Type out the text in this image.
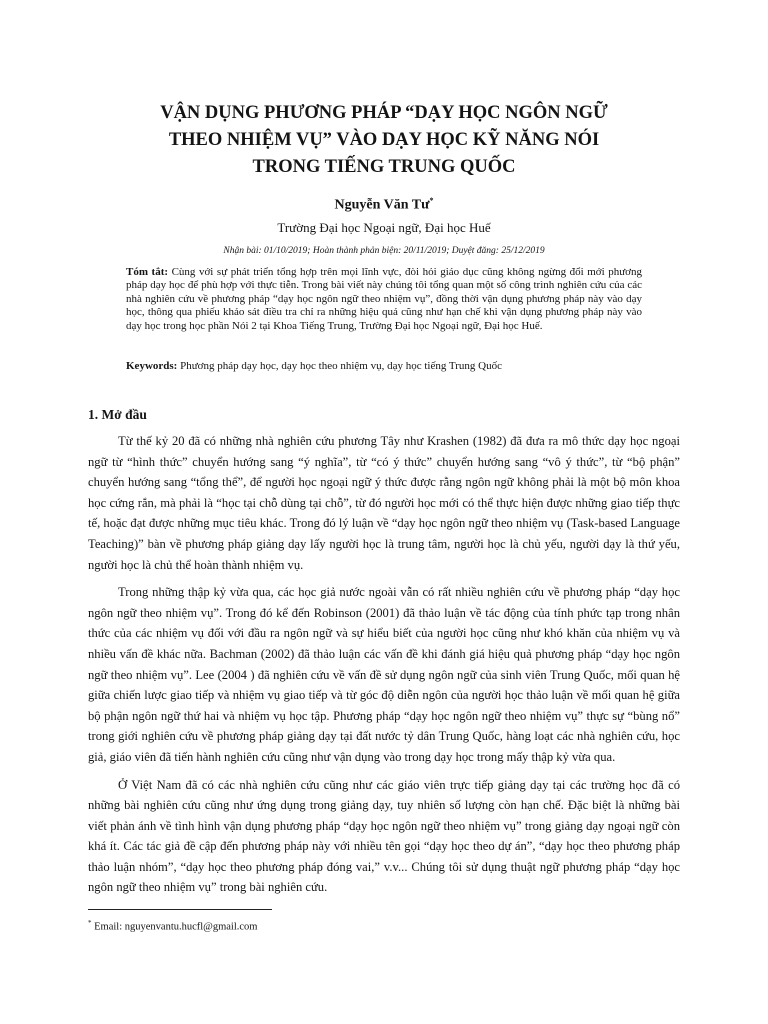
VẬN DỤNG PHƯƠNG PHÁP “DẠY HỌC NGÔN NGỮ
THEO NHIỆM VỤ” VÀO DẠY HỌC KỸ NĂNG NÓI
TRONG TIẾNG TRUNG QUỐC
Nguyễn Văn Tư*
Trường Đại học Ngoại ngữ, Đại học Huế
Nhận bài: 01/10/2019; Hoàn thành phản biện: 20/11/2019; Duyệt đăng: 25/12/2019
Tóm tắt: Cùng với sự phát triển tổng hợp trên mọi lĩnh vực, đòi hỏi giáo dục cũng không ngừng đổi mới phương pháp dạy học để phù hợp với thực tiễn. Trong bài viết này chúng tôi tổng quan một số công trình nghiên cứu của các nhà nghiên cứu về phương pháp “dạy học ngôn ngữ theo nhiệm vụ”, đồng thời vận dụng phương pháp này vào dạy học, thông qua phiếu khảo sát điều tra chỉ ra những hiệu quả cũng như hạn chế khi vận dụng phương pháp này vào dạy học trong học phần Nói 2 tại Khoa Tiếng Trung, Trường Đại học Ngoại ngữ, Đại học Huế.
Keywords: Phương pháp dạy học, dạy học theo nhiệm vụ, dạy học tiếng Trung Quốc
1. Mở đầu

Từ thế kỷ 20 đã có những nhà nghiên cứu phương Tây như Krashen (1982) đã đưa ra mô thức dạy học ngoại ngữ từ “hình thức” chuyển hướng sang “ý nghĩa”, từ “có ý thức” chuyển hướng sang “vô ý thức”, từ “bộ phận” chuyển hướng sang “tổng thể”, để người học ngoại ngữ ý thức được rằng ngôn ngữ không phải là một bộ môn khoa học cứng rắn, mà phải là “học tại chỗ dùng tại chỗ”, từ đó người học mới có thể thực hiện được những giao tiếp thực tế, hoặc đạt được những mục tiêu khác. Trong đó lý luận về “dạy học ngôn ngữ theo nhiệm vụ (Task-based Language Teaching)” bàn về phương pháp giảng dạy lấy người học là trung tâm, người học là chủ yếu, người dạy là thứ yếu, người học là chủ thể hoàn thành nhiệm vụ.

Trong những thập kỷ vừa qua, các học giả nước ngoài vẫn có rất nhiều nghiên cứu về phương pháp “dạy học ngôn ngữ theo nhiệm vụ”. Trong đó kể đến Robinson (2001) đã thảo luận về tác động của tính phức tạp trong nhân thức của các nhiệm vụ đối với đầu ra ngôn ngữ và sự hiểu biết của người học cũng như khó khăn của nhiệm vụ và nhiều vấn đề khác nữa. Bachman (2002) đã thảo luận các vấn đề khi đánh giá hiệu quả phương pháp “dạy học ngôn ngữ theo nhiệm vụ”. Lee (2004 ) đã nghiên cứu về vấn đề sử dụng ngôn ngữ của sinh viên Trung Quốc, mối quan hệ giữa chiến lược giao tiếp và nhiệm vụ giao tiếp và từ góc độ diễn ngôn của người học thảo luận về mối quan hệ giữa bộ phận ngôn ngữ thứ hai và nhiệm vụ học tập. Phương pháp “dạy học ngôn ngữ theo nhiệm vụ” thực sự “bùng nổ” trong giới nghiên cứu về phương pháp giảng dạy tại đất nước tỷ dân Trung Quốc, hàng loạt các nhà nghiên cứu, học giả, giáo viên đã tiến hành nghiên cứu cũng như vận dụng vào trong dạy học trong mấy thập kỷ vừa qua.

Ở Việt Nam đã có các nhà nghiên cứu cũng như các giáo viên trực tiếp giảng dạy tại các trường học đã có những bài nghiên cứu cũng như ứng dụng trong giảng dạy, tuy nhiên số lượng còn hạn chế. Đặc biệt là những bài viết phản ánh về tình hình vận dụng phương pháp “dạy học ngôn ngữ theo nhiệm vụ” trong giảng dạy ngoại ngữ còn khá ít. Các tác giả đề cập đến phương pháp này với nhiều tên gọi “dạy học theo dự án”, “dạy học theo phương pháp thảo luận nhóm”, “dạy học theo phương pháp đóng vai,” v.v... Chúng tôi sử dụng thuật ngữ phương pháp “dạy học ngôn ngữ theo nhiệm vụ” trong bài nghiên cứu.

* Email: nguyenvantu.hucfl@gmail.com
